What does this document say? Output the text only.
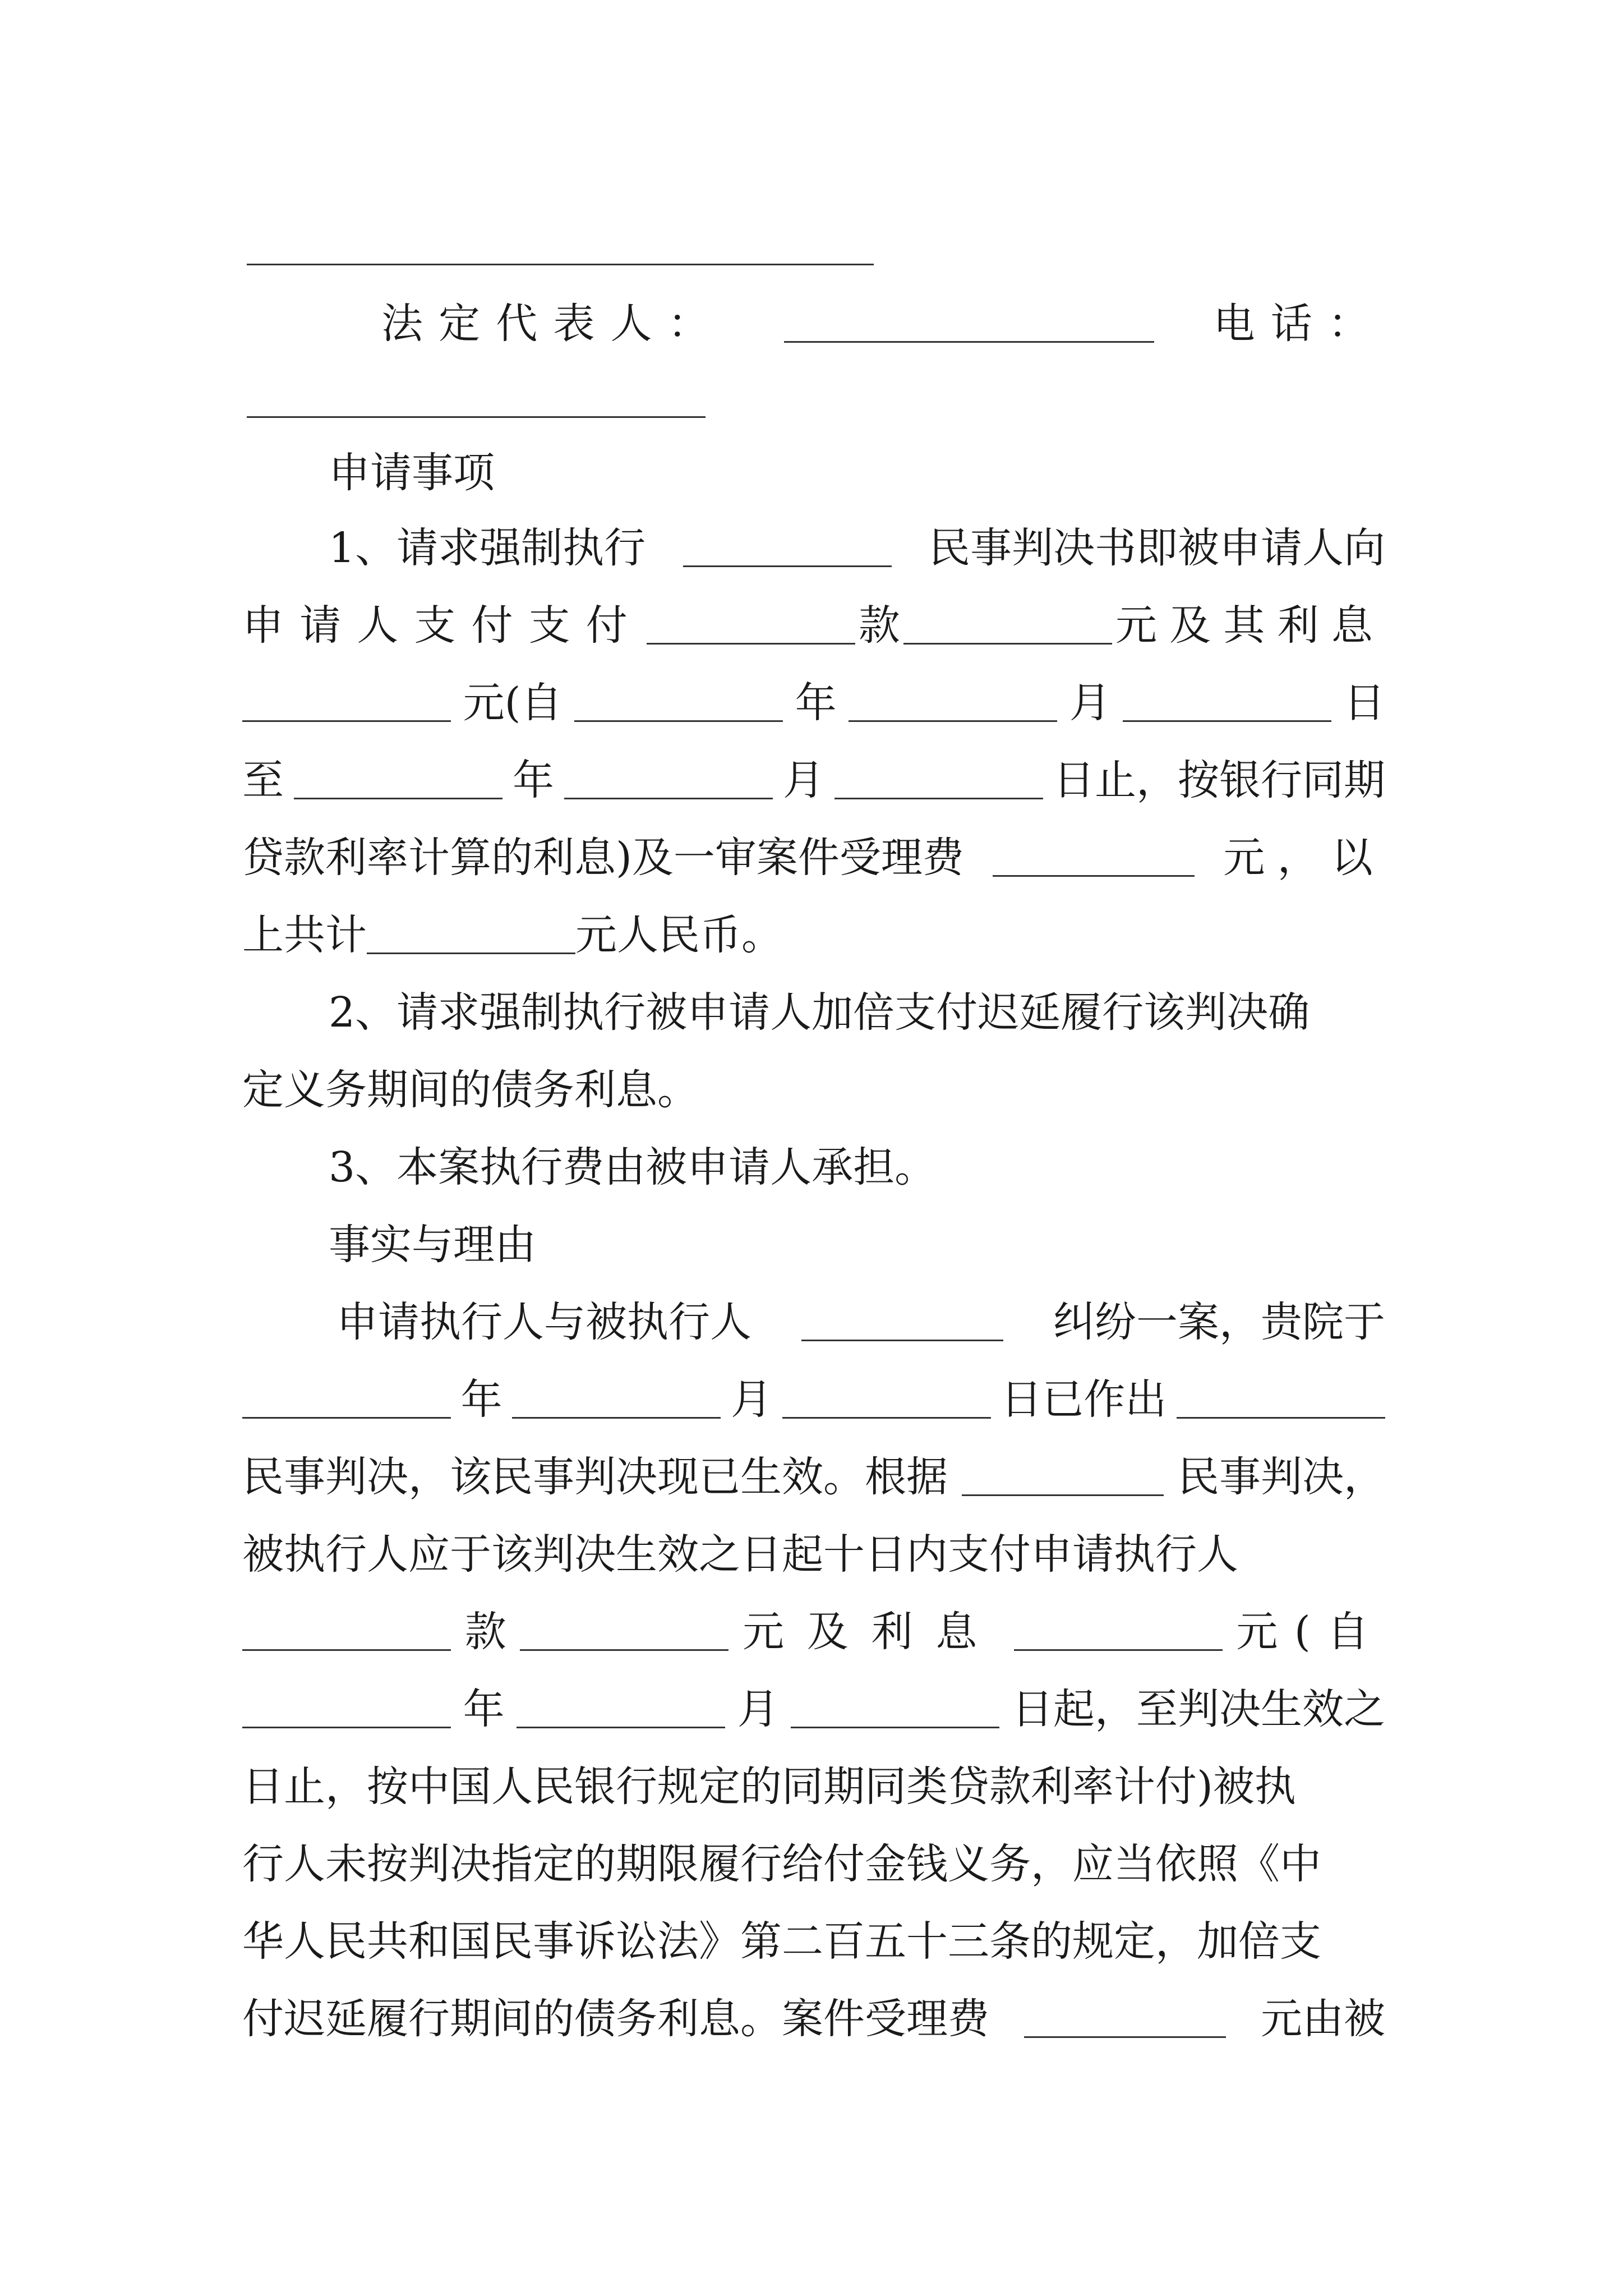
法定代表人：	电话：
申请事项
1、请求强制执行	民事判决书即被申请人向
申请人支付支付	款	元及其利息
元(自	年	月	日
至	年	月	日止，按银行同期
贷款利率计算的利息)及一审案件受理费	元，以
上共计	元人民币。
2、请求强制执行被申请人加倍支付迟延履行该判决确
定义务期间的债务利息。
3、本案执行费由被申请人承担。
事实与理由
申请执行人与被执行人	纠纷一案，贵院于
年	月	日已作出
民事判决，该民事判决现已生效。根据	民事判决，
被执行人应于该判决生效之日起十日内支付申请执行人
款	元及利息	元(自
年	月	日起，至判决生效之
日止，按中国人民银行规定的同期同类贷款利率计付)被执
行人未按判决指定的期限履行给付金钱义务，应当依照《中
华人民共和国民事诉讼法》第二百五十三条的规定，加倍支
付迟延履行期间的债务利息。案件受理费	元由被
